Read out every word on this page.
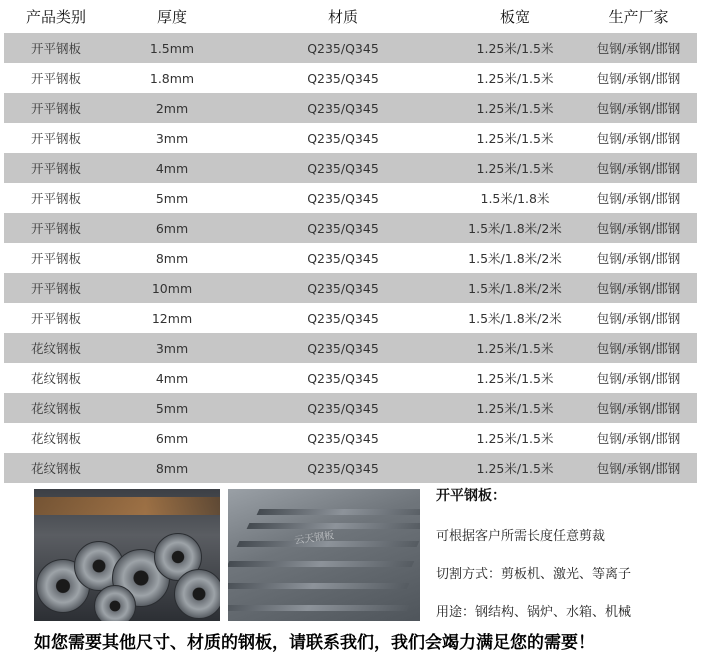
产品类别	厚度	材质	板宽	生产厂家
开平钢板	1.5mm	Q235/Q345	1.25米/1.5米	包钢/承钢/邯钢
开平钢板	1.8mm	Q235/Q345	1.25米/1.5米	包钢/承钢/邯钢
开平钢板	2mm	Q235/Q345	1.25米/1.5米	包钢/承钢/邯钢
开平钢板	3mm	Q235/Q345	1.25米/1.5米	包钢/承钢/邯钢
开平钢板	4mm	Q235/Q345	1.25米/1.5米	包钢/承钢/邯钢
开平钢板	5mm	Q235/Q345	1.5米/1.8米	包钢/承钢/邯钢
开平钢板	6mm	Q235/Q345	1.5米/1.8米/2米	包钢/承钢/邯钢
开平钢板	8mm	Q235/Q345	1.5米/1.8米/2米	包钢/承钢/邯钢
开平钢板	10mm	Q235/Q345	1.5米/1.8米/2米	包钢/承钢/邯钢
开平钢板	12mm	Q235/Q345	1.5米/1.8米/2米	包钢/承钢/邯钢
花纹钢板	3mm	Q235/Q345	1.25米/1.5米	包钢/承钢/邯钢
花纹钢板	4mm	Q235/Q345	1.25米/1.5米	包钢/承钢/邯钢
花纹钢板	5mm	Q235/Q345	1.25米/1.5米	包钢/承钢/邯钢
花纹钢板	6mm	Q235/Q345	1.25米/1.5米	包钢/承钢/邯钢
花纹钢板	8mm	Q235/Q345	1.25米/1.5米	包钢/承钢/邯钢
云天钢板
开平钢板：
可根据客户所需长度任意剪裁
切割方式：剪板机、激光、等离子
用途：钢结构、锅炉、水箱、机械
如您需要其他尺寸、材质的钢板，请联系我们，我们会竭力满足您的需要！
